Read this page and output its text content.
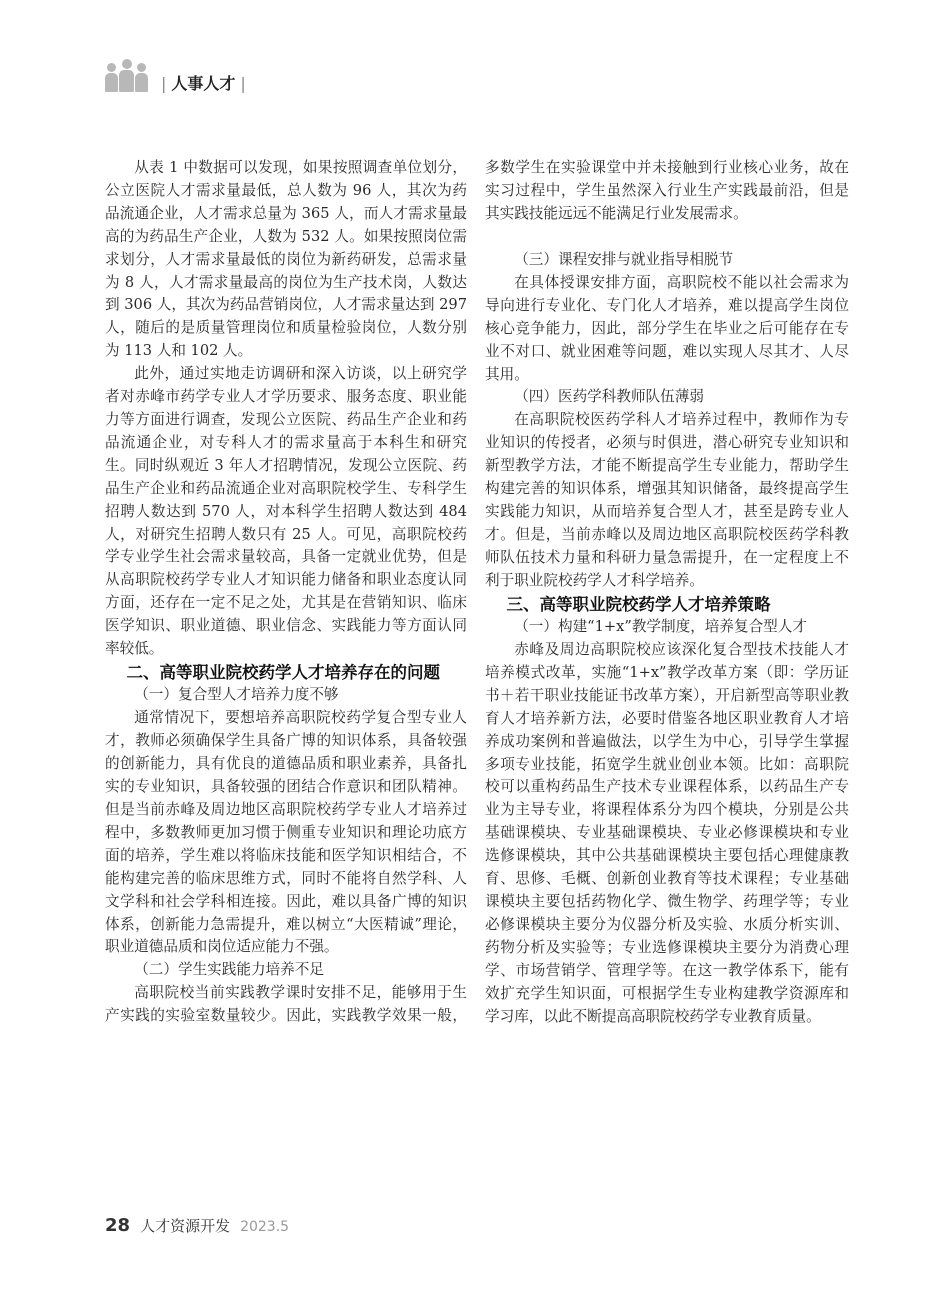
| 人事人才 |

从表 1 中数据可以发现，如果按照调查单位划分，公立医院人才需求量最低，总人数为 96 人，其次为药品流通企业，人才需求总量为 365 人，而人才需求量最高的为药品生产企业，人数为 532 人。如果按照岗位需求划分，人才需求量最低的岗位为新药研发，总需求量为 8 人，人才需求量最高的岗位为生产技术岗，人数达到 306 人，其次为药品营销岗位，人才需求量达到 297 人，随后的是质量管理岗位和质量检验岗位，人数分别为 113 人和 102 人。

此外，通过实地走访调研和深入访谈，以上研究学者对赤峰市药学专业人才学历要求、服务态度、职业能力等方面进行调查，发现公立医院、药品生产企业和药品流通企业，对专科人才的需求量高于本科生和研究生。同时纵观近 3 年人才招聘情况，发现公立医院、药品生产企业和药品流通企业对高职院校学生、专科学生招聘人数达到 570 人，对本科学生招聘人数达到 484 人，对研究生招聘人数只有 25 人。可见，高职院校药学专业学生社会需求量较高，具备一定就业优势，但是从高职院校药学专业人才知识能力储备和职业态度认同方面，还存在一定不足之处，尤其是在营销知识、临床医学知识、职业道德、职业信念、实践能力等方面认同率较低。

二、高等职业院校药学人才培养存在的问题

（一）复合型人才培养力度不够

通常情况下，要想培养高职院校药学复合型专业人才，教师必须确保学生具备广博的知识体系，具备较强的创新能力，具有优良的道德品质和职业素养，具备扎实的专业知识，具备较强的团结合作意识和团队精神。但是当前赤峰及周边地区高职院校药学专业人才培养过程中，多数教师更加习惯于侧重专业知识和理论功底方面的培养，学生难以将临床技能和医学知识相结合，不能构建完善的临床思维方式，同时不能将自然学科、人文学科和社会学科相连接。因此，难以具备广博的知识体系，创新能力急需提升，难以树立“大医精诚”理论，职业道德品质和岗位适应能力不强。

（二）学生实践能力培养不足

高职院校当前实践教学课时安排不足，能够用于生产实践的实验室数量较少。因此，实践教学效果一般，

多数学生在实验课堂中并未接触到行业核心业务，故在实习过程中，学生虽然深入行业生产实践最前沿，但是其实践技能远远不能满足行业发展需求。

（三）课程安排与就业指导相脱节

在具体授课安排方面，高职院校不能以社会需求为导向进行专业化、专门化人才培养，难以提高学生岗位核心竞争能力，因此，部分学生在毕业之后可能存在专业不对口、就业困难等问题，难以实现人尽其才、人尽其用。

（四）医药学科教师队伍薄弱

在高职院校医药学科人才培养过程中，教师作为专业知识的传授者，必须与时俱进，潜心研究专业知识和新型教学方法，才能不断提高学生专业能力，帮助学生构建完善的知识体系，增强其知识储备，最终提高学生实践能力知识，从而培养复合型人才，甚至是跨专业人才。但是，当前赤峰以及周边地区高职院校医药学科教师队伍技术力量和科研力量急需提升，在一定程度上不利于职业院校药学人才科学培养。

三、高等职业院校药学人才培养策略

（一）构建“1+x”教学制度，培养复合型人才

赤峰及周边高职院校应该深化复合型技术技能人才培养模式改革，实施“1+x”教学改革方案（即：学历证书＋若干职业技能证书改革方案），开启新型高等职业教育人才培养新方法，必要时借鉴各地区职业教育人才培养成功案例和普遍做法，以学生为中心，引导学生掌握多项专业技能，拓宽学生就业创业本领。比如：高职院校可以重构药品生产技术专业课程体系，以药品生产专业为主导专业，将课程体系分为四个模块，分别是公共基础课模块、专业基础课模块、专业必修课模块和专业选修课模块，其中公共基础课模块主要包括心理健康教育、思修、毛概、创新创业教育等技术课程；专业基础课模块主要包括药物化学、微生物学、药理学等；专业必修课模块主要分为仪器分析及实验、水质分析实训、药物分析及实验等；专业选修课模块主要分为消费心理学、市场营销学、管理学等。在这一教学体系下，能有效扩充学生知识面，可根据学生专业构建教学资源库和学习库，以此不断提高高职院校药学专业教育质量。

28 人才资源开发 2023.5
